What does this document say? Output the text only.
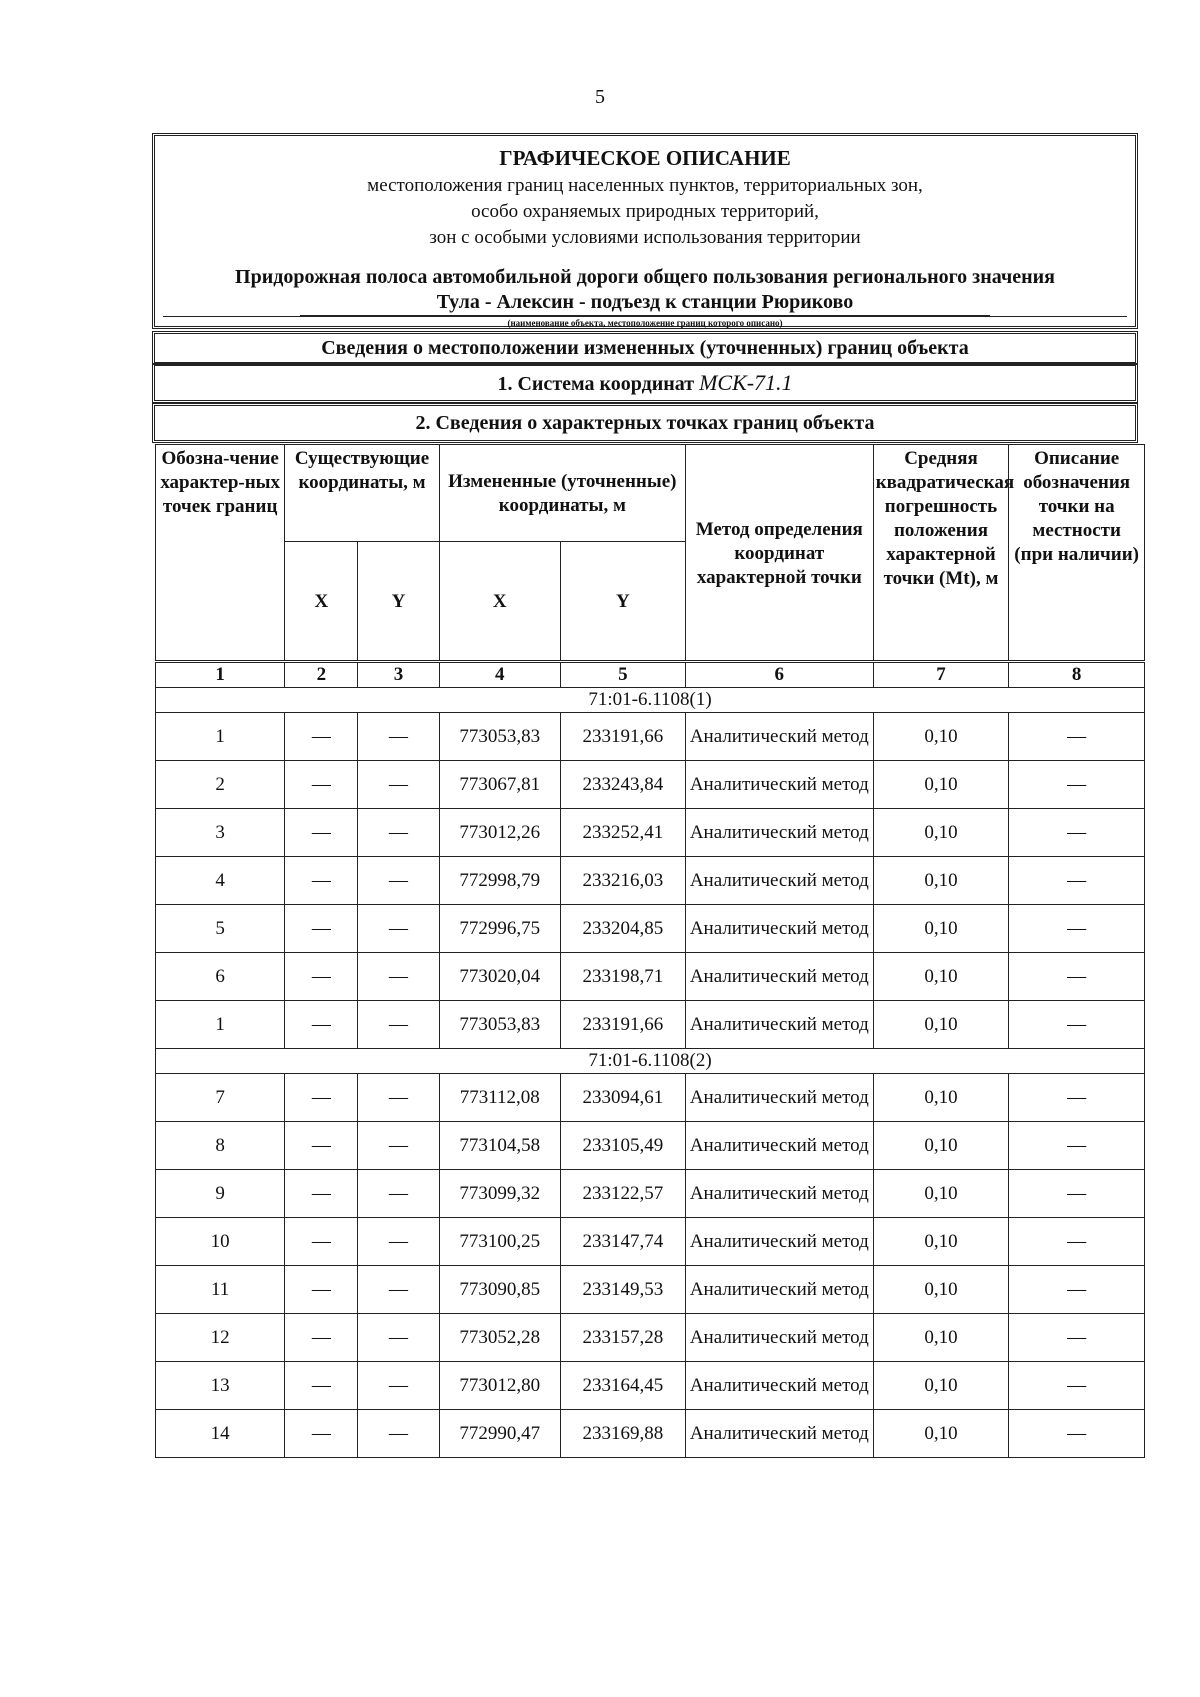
5
ГРАФИЧЕСКОЕ ОПИСАНИЕ
местоположения границ населенных пунктов, территориальных зон,
особо охраняемых природных территорий,
зон с особыми условиями использования территории
Придорожная полоса автомобильной дороги общего пользования регионального значения
Тула - Алексин - подъезд к станции Рюриково
(наименование объекта, местоположение границ которого описано)
Сведения о местоположении измененных (уточненных) границ объекта
1. Система координат МСК-71.1
2. Сведения о характерных точках границ объекта
Обозна-чение характер-ных точек границ	Существующие координаты, м		Измененные (уточненные) координаты, м		Метод определения координат характерной точки	Средняя квадратическая погрешность положения характерной точки (Mt), м	Описание обозначения точки на местности (при наличии)
	X	Y	X	Y			
1	2	3	4	5	6	7	8
71:01-6.1108(1)							
1	—	—	773053,83	233191,66	Аналитический метод	0,10	—
2	—	—	773067,81	233243,84	Аналитический метод	0,10	—
3	—	—	773012,26	233252,41	Аналитический метод	0,10	—
4	—	—	772998,79	233216,03	Аналитический метод	0,10	—
5	—	—	772996,75	233204,85	Аналитический метод	0,10	—
6	—	—	773020,04	233198,71	Аналитический метод	0,10	—
1	—	—	773053,83	233191,66	Аналитический метод	0,10	—
71:01-6.1108(2)							
7	—	—	773112,08	233094,61	Аналитический метод	0,10	—
8	—	—	773104,58	233105,49	Аналитический метод	0,10	—
9	—	—	773099,32	233122,57	Аналитический метод	0,10	—
10	—	—	773100,25	233147,74	Аналитический метод	0,10	—
11	—	—	773090,85	233149,53	Аналитический метод	0,10	—
12	—	—	773052,28	233157,28	Аналитический метод	0,10	—
13	—	—	773012,80	233164,45	Аналитический метод	0,10	—
14	—	—	772990,47	233169,88	Аналитический метод	0,10	—
